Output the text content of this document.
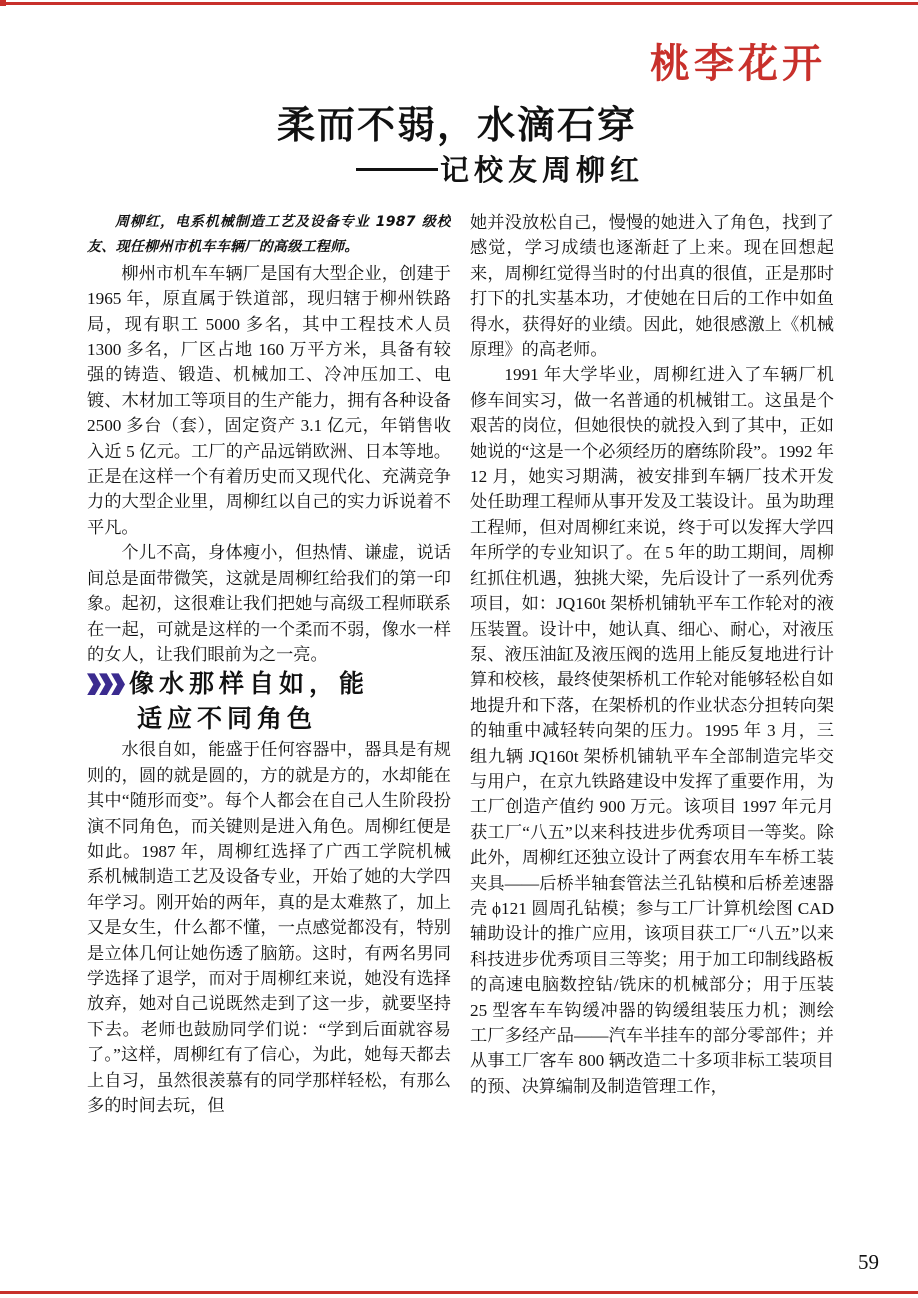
桃李花开
柔而不弱，水滴石穿
记校友周柳红

周柳红，电系机械制造工艺及设备专业 1987 级校友、现任柳州市机车车辆厂的高级工程师。

柳州市机车车辆厂是国有大型企业，创建于 1965 年，原直属于铁道部，现归辖于柳州铁路局，现有职工 5000 多名，其中工程技术人员 1300 多名，厂区占地 160 万平方米，具备有较强的铸造、锻造、机械加工、冷冲压加工、电镀、木材加工等项目的生产能力，拥有各种设备 2500 多台（套），固定资产 3.1 亿元，年销售收入近 5 亿元。工厂的产品远销欧洲、日本等地。正是在这样一个有着历史而又现代化、充满竞争力的大型企业里，周柳红以自己的实力诉说着不平凡。

个儿不高，身体瘦小，但热情、谦虚，说话间总是面带微笑，这就是周柳红给我们的第一印象。起初，这很难让我们把她与高级工程师联系在一起，可就是这样的一个柔而不弱，像水一样的女人，让我们眼前为之一亮。

像水那样自如，能

适应不同角色

水很自如，能盛于任何容器中，器具是有规则的，圆的就是圆的，方的就是方的，水却能在其中“随形而变”。每个人都会在自己人生阶段扮演不同角色，而关键则是进入角色。周柳红便是如此。1987 年，周柳红选择了广西工学院机械系机械制造工艺及设备专业，开始了她的大学四年学习。刚开始的两年，真的是太难熬了，加上又是女生，什么都不懂，一点感觉都没有，特别是立体几何让她伤透了脑筋。这时，有两名男同学选择了退学，而对于周柳红来说，她没有选择放弃，她对自己说既然走到了这一步，就要坚持下去。老师也鼓励同学们说：“学到后面就容易了。”这样，周柳红有了信心，为此，她每天都去上自习，虽然很羡慕有的同学那样轻松，有那么多的时间去玩，但

她并没放松自己，慢慢的她进入了角色，找到了感觉，学习成绩也逐渐赶了上来。现在回想起来，周柳红觉得当时的付出真的很值，正是那时打下的扎实基本功，才使她在日后的工作中如鱼得水，获得好的业绩。因此，她很感激上《机械原理》的高老师。

1991 年大学毕业，周柳红进入了车辆厂机修车间实习，做一名普通的机械钳工。这虽是个艰苦的岗位，但她很快的就投入到了其中，正如她说的“这是一个必须经历的磨练阶段”。1992 年 12 月，她实习期满，被安排到车辆厂技术开发处任助理工程师从事开发及工装设计。虽为助理工程师，但对周柳红来说，终于可以发挥大学四年所学的专业知识了。在 5 年的助工期间，周柳红抓住机遇，独挑大梁，先后设计了一系列优秀项目，如：JQ160t 架桥机铺轨平车工作轮对的液压装置。设计中，她认真、细心、耐心，对液压泵、液压油缸及液压阀的选用上能反复地进行计算和校核，最终使架桥机工作轮对能够轻松自如地提升和下落，在架桥机的作业状态分担转向架的轴重中减轻转向架的压力。1995 年 3 月，三组九辆 JQ160t 架桥机铺轨平车全部制造完毕交与用户，在京九铁路建设中发挥了重要作用，为工厂创造产值约 900 万元。该项目 1997 年元月获工厂“八五”以来科技进步优秀项目一等奖。除此外，周柳红还独立设计了两套农用车车桥工装夹具——后桥半轴套管法兰孔钻模和后桥差速器壳 ϕ121 圆周孔钻模；参与工厂计算机绘图 CAD 辅助设计的推广应用，该项目获工厂“八五”以来科技进步优秀项目三等奖；用于加工印制线路板的高速电脑数控钻/铣床的机械部分；用于压装 25 型客车车钩缓冲器的钩缓组装压力机；测绘工厂多经产品——汽车半挂车的部分零部件；并从事工厂客车 800 辆改造二十多项非标工装项目的预、决算编制及制造管理工作，

59
